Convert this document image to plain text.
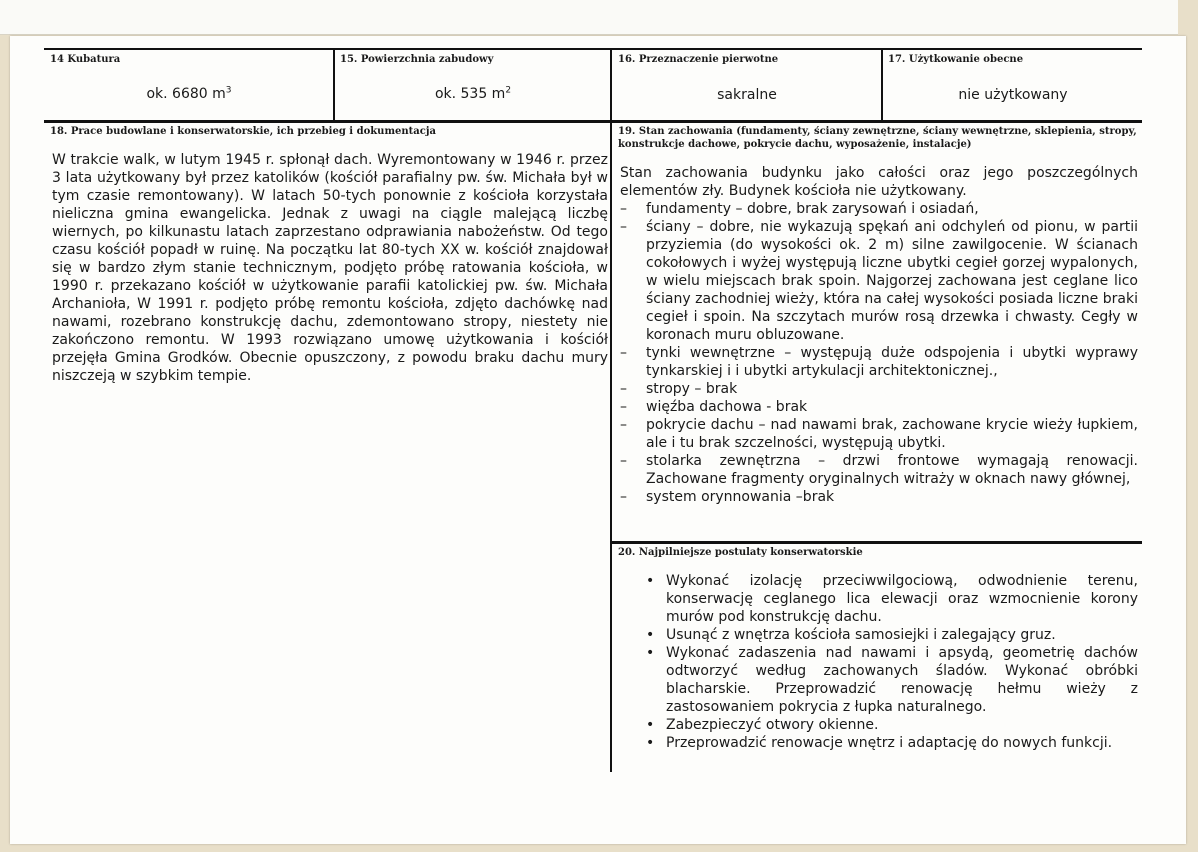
14 Kubatura
ok. 6680 $m^3$
15. Powierzchnia zabudowy
ok. 535 $m^2$
16. Przeznaczenie pierwotne
sakralne
17. Użytkowanie obecne
nie użytkowany
18. Prace budowlane i konserwatorskie, ich przebieg i dokumentacja

W trakcie walk, w lutym 1945 r. spłonął dach. Wyremontowany w 1946 r. przez 3 lata użytkowany był przez katolików (kościół parafialny pw. św. Michała był w tym czasie remontowany). W latach 50-tych ponownie z kościoła korzystała nieliczna gmina ewangelicka. Jednak z uwagi na ciągle malejącą liczbę wiernych, po kilkunastu latach zaprzestano odprawiania nabożeństw. Od tego czasu kościół popadł w ruinę. Na początku lat 80-tych XX w. kościół znajdował się w bardzo złym stanie technicznym, podjęto próbę ratowania kościoła, w 1990 r. przekazano kościół w użytkowanie parafii katolickiej pw. św. Michała Archanioła, W 1991 r. podjęto próbę remontu kościoła, zdjęto dachówkę nad nawami, rozebrano konstrukcję dachu, zdemontowano stropy, niestety nie zakończono remontu. W 1993 rozwiązano umowę użytkowania i kościół przejęła Gmina Grodków. Obecnie opuszczony, z powodu braku dachu mury niszczeją w szybkim tempie.

19. Stan zachowania (fundamenty, ściany zewnętrzne, ściany wewnętrzne, sklepienia, stropy, konstrukcje dachowe, pokrycie dachu, wyposażenie, instalacje)

Stan zachowania budynku jako całości oraz jego poszczególnych elementów zły. Budynek kościoła nie użytkowany.

– fundamenty – dobre, brak zarysowań i osiadań,
– ściany – dobre, nie wykazują spękań ani odchyleń od pionu, w partii przyziemia (do wysokości ok. 2 m) silne zawilgocenie. W ścianach cokołowych i wyżej występują liczne ubytki cegieł gorzej wypalonych, w wielu miejscach brak spoin. Najgorzej zachowana jest ceglane lico ściany zachodniej wieży, która na całej wysokości posiada liczne braki cegieł i spoin. Na szczytach murów rosą drzewka i chwasty. Cegły w koronach muru obluzowane.
– tynki wewnętrzne – występują duże odspojenia i ubytki wyprawy tynkarskiej i i ubytki artykulacji architektonicznej.,
– stropy – brak
– więźba dachowa - brak
– pokrycie dachu – nad nawami brak, zachowane krycie wieży łupkiem, ale i tu brak szczelności, występują ubytki.
– stolarka zewnętrzna – drzwi frontowe wymagają renowacji. Zachowane fragmenty oryginalnych witraży w oknach nawy głównej,
– system orynnowania –brak
20. Najpilniejsze postulaty konserwatorskie
• Wykonać izolację przeciwwilgociową, odwodnienie terenu, konserwację ceglanego lica elewacji oraz wzmocnienie korony murów pod konstrukcję dachu.
• Usunąć z wnętrza kościoła samosiejki i zalegający gruz.
• Wykonać zadaszenia nad nawami i apsydą, geometrię dachów odtworzyć według zachowanych śladów. Wykonać obróbki blacharskie. Przeprowadzić renowację hełmu wieży z zastosowaniem pokrycia z łupka naturalnego.
• Zabezpieczyć otwory okienne.
• Przeprowadzić renowacje wnętrz i adaptację do nowych funkcji.
